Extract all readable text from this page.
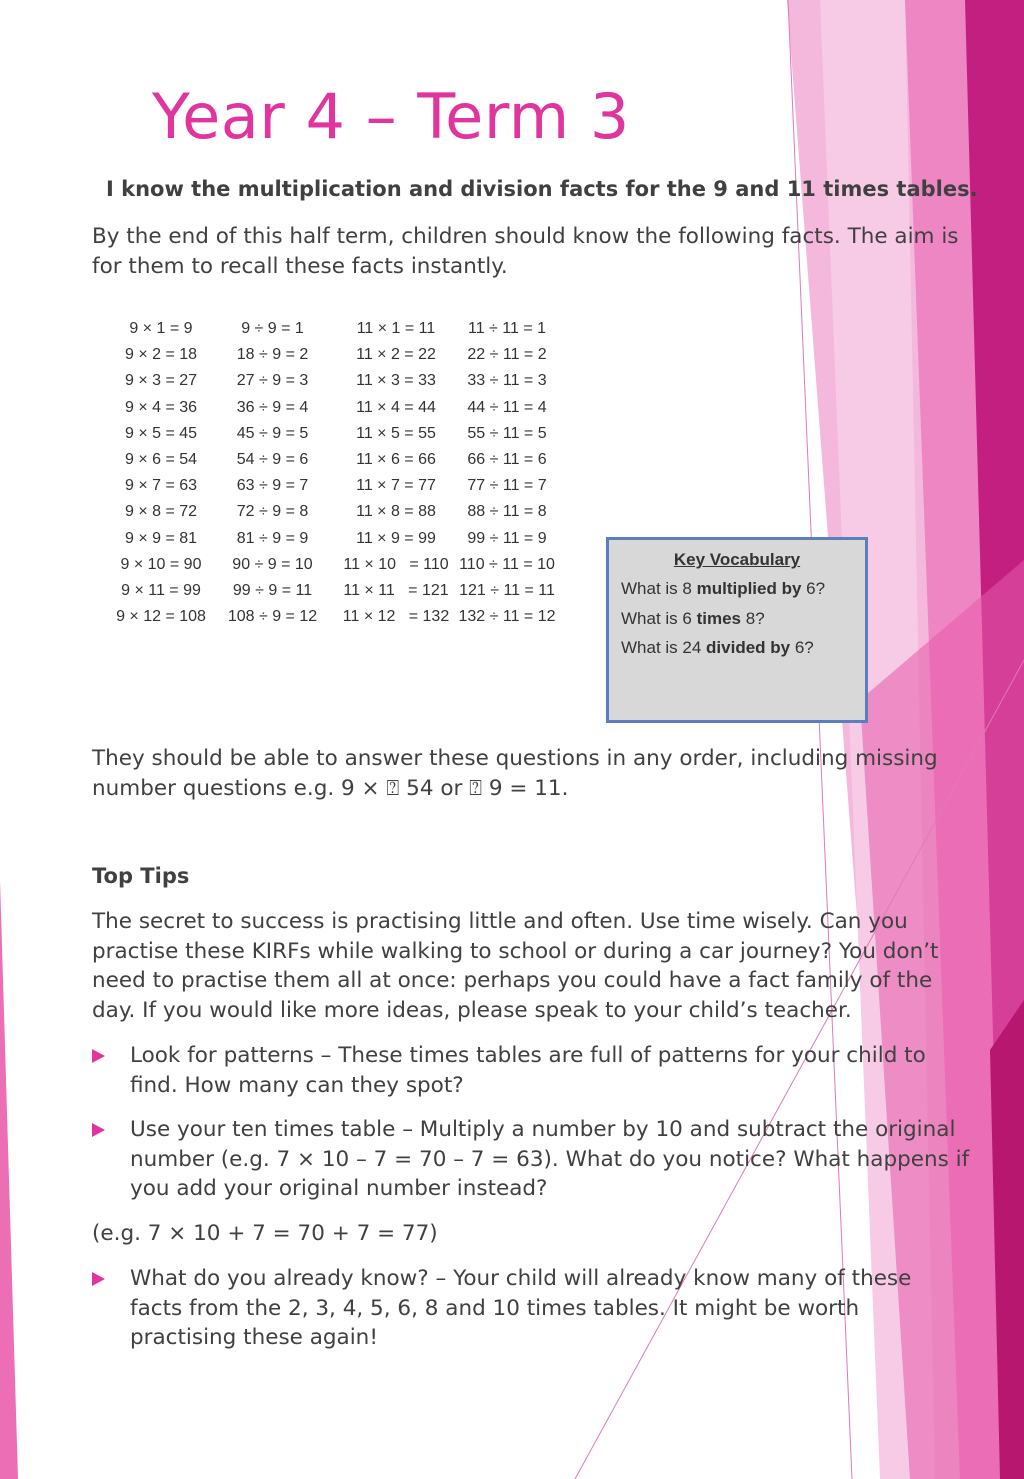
Year 4 – Term 3
I know the multiplication and division facts for the 9 and 11 times tables.
By the end of this half term, children should know the following facts. The aim is for them to recall these facts instantly.
9 × 1 = 9	9 ÷ 9 = 1	11 × 1 = 11	11 ÷ 11 = 1
9 × 2 = 18	18 ÷ 9 = 2	11 × 2 = 22	22 ÷ 11 = 2
9 × 3 = 27	27 ÷ 9 = 3	11 × 3 = 33	33 ÷ 11 = 3
9 × 4 = 36	36 ÷ 9 = 4	11 × 4 = 44	44 ÷ 11 = 4
9 × 5 = 45	45 ÷ 9 = 5	11 × 5 = 55	55 ÷ 11 = 5
9 × 6 = 54	54 ÷ 9 = 6	11 × 6 = 66	66 ÷ 11 = 6
9 × 7 = 63	63 ÷ 9 = 7	11 × 7 = 77	77 ÷ 11 = 7
9 × 8 = 72	72 ÷ 9 = 8	11 × 8 = 88	88 ÷ 11 = 8
9 × 9 = 81	81 ÷ 9 = 9	11 × 9 = 99	99 ÷ 11 = 9
9 × 10 = 90	90 ÷ 9 = 10	11 × 10   = 110	110 ÷ 11 = 10
9 × 11 = 99	99 ÷ 9 = 11	11 × 11   = 121	121 ÷ 11 = 11
9 × 12 = 108	108 ÷ 9 = 12	11 × 12   = 132	132 ÷ 11 = 12
Key Vocabulary
What is 8 multiplied by 6?
What is 6 times 8?
What is 24 divided by 6?
They should be able to answer these questions in any order, including missing number questions e.g. 9 × ⍰ 54 or ⍰ 9 = 11.
Top Tips
The secret to success is practising little and often. Use time wisely. Can you practise these KIRFs while walking to school or during a car journey? You don’t need to practise them all at once: perhaps you could have a fact family of the day. If you would like more ideas, please speak to your child’s teacher.
Look for patterns – These times tables are full of patterns for your child to find. How many can they spot?
Use your ten times table – Multiply a number by 10 and subtract the original number (e.g. 7 × 10 – 7 = 70 – 7 = 63). What do you notice? What happens if you add your original number instead?
(e.g. 7 × 10 + 7 = 70 + 7 = 77)
What do you already know? – Your child will already know many of these facts from the 2, 3, 4, 5, 6, 8 and 10 times tables. It might be worth practising these again!
